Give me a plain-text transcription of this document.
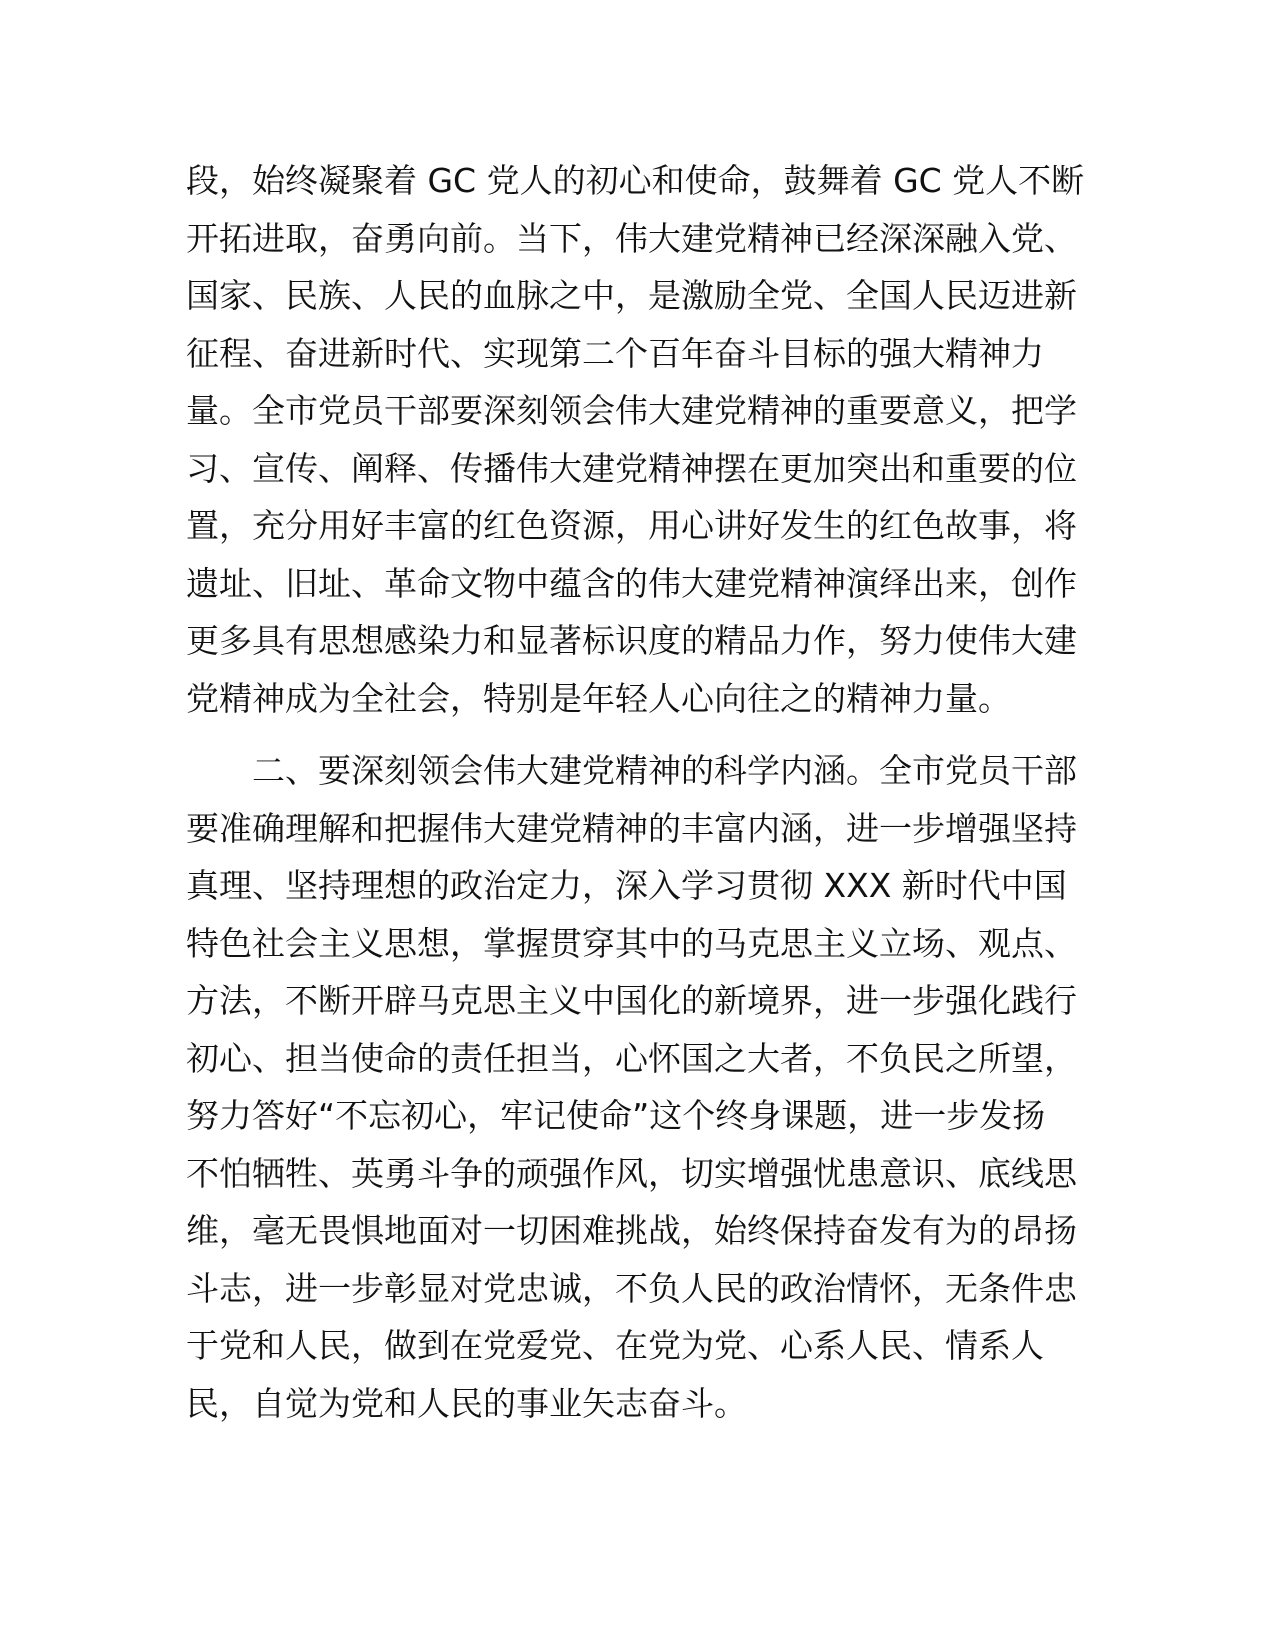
段，始终凝聚着 GC 党人的初心和使命，鼓舞着 GC 党人不断
开拓进取，奋勇向前。当下，伟大建党精神已经深深融入党、
国家、民族、人民的血脉之中，是激励全党、全国人民迈进新
征程、奋进新时代、实现第二个百年奋斗目标的强大精神力
量。全市党员干部要深刻领会伟大建党精神的重要意义，把学
习、宣传、阐释、传播伟大建党精神摆在更加突出和重要的位
置，充分用好丰富的红色资源，用心讲好发生的红色故事，将
遗址、旧址、革命文物中蕴含的伟大建党精神演绎出来，创作
更多具有思想感染力和显著标识度的精品力作，努力使伟大建
党精神成为全社会，特别是年轻人心向往之的精神力量。

二、要深刻领会伟大建党精神的科学内涵。全市党员干部
要准确理解和把握伟大建党精神的丰富内涵，进一步增强坚持
真理、坚持理想的政治定力，深入学习贯彻 XXX 新时代中国
特色社会主义思想，掌握贯穿其中的马克思主义立场、观点、
方法，不断开辟马克思主义中国化的新境界，进一步强化践行
初心、担当使命的责任担当，心怀国之大者，不负民之所望，
努力答好“不忘初心，牢记使命”这个终身课题，进一步发扬
不怕牺牲、英勇斗争的顽强作风，切实增强忧患意识、底线思
维，毫无畏惧地面对一切困难挑战，始终保持奋发有为的昂扬
斗志，进一步彰显对党忠诚，不负人民的政治情怀，无条件忠
于党和人民，做到在党爱党、在党为党、心系人民、情系人
民，自觉为党和人民的事业矢志奋斗。
